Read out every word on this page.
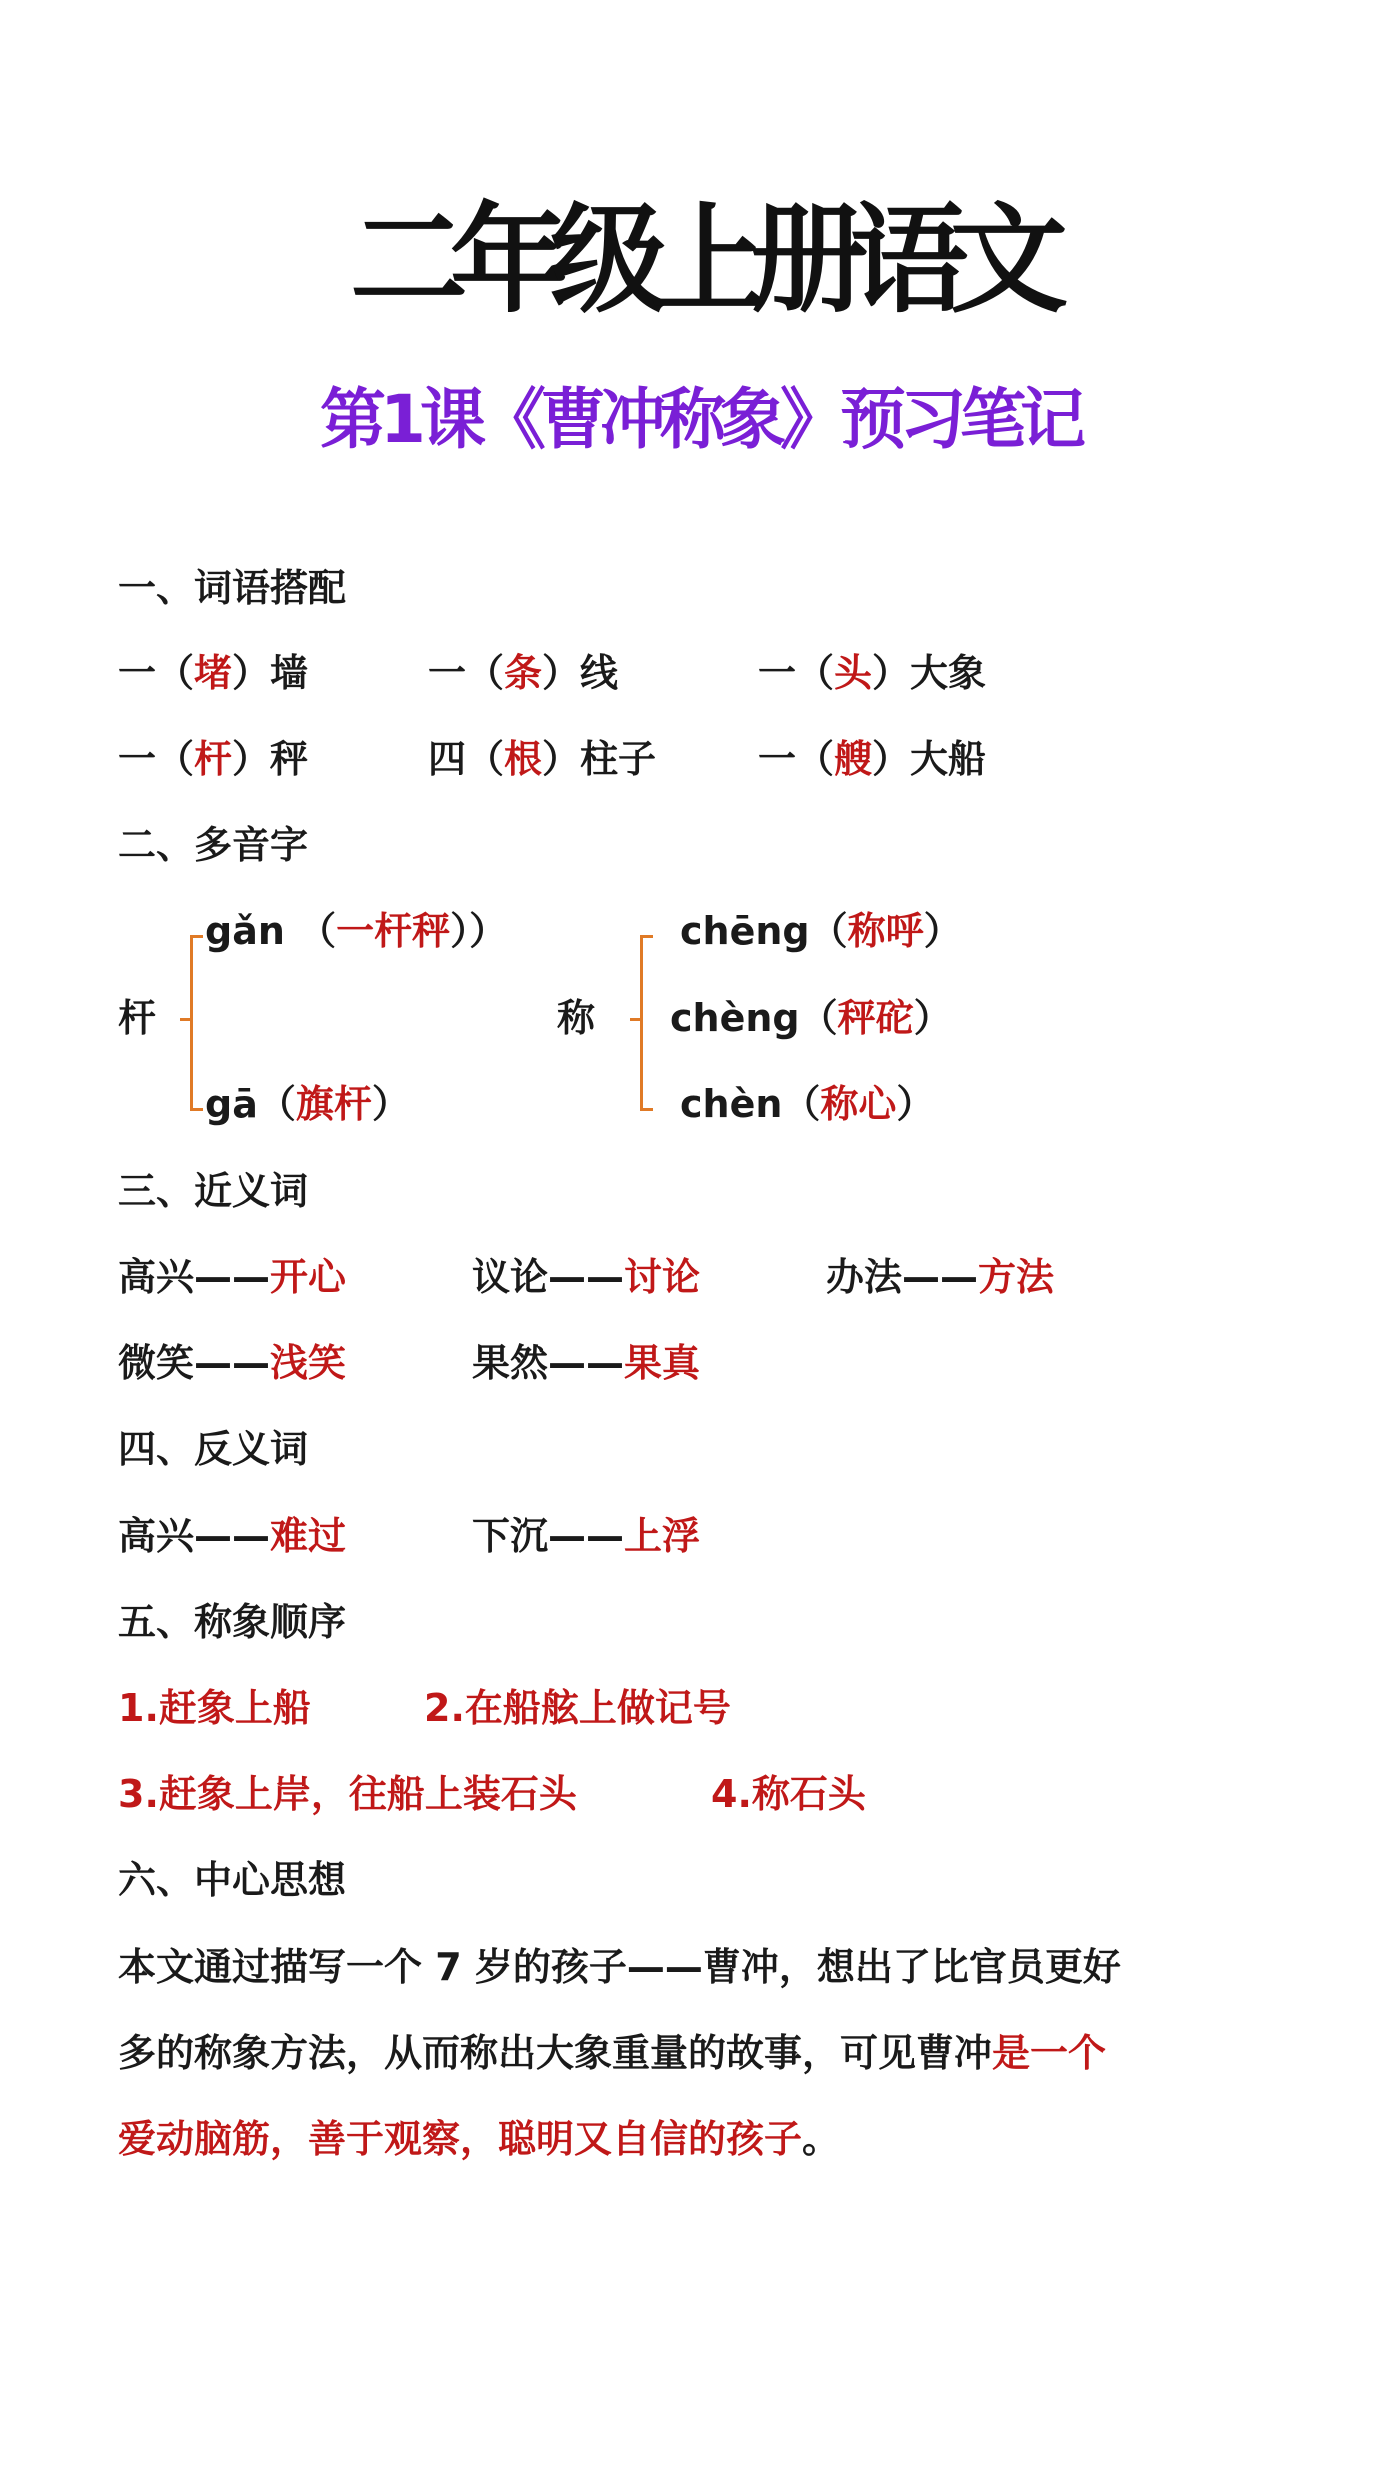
二年级上册语文
第1课《曹冲称象》预习笔记
一、词语搭配
一（堵）墙	一（条）线	一（头）大象
一（杆）秤	四（根）柱子	一（艘）大船
二、多音字
杆
gǎn （一杆秤））
gā（旗杆）
称
chēng（称呼）
chèng（秤砣）
chèn（称心）
三、近义词
高兴——开心	议论——讨论	办法——方法
微笑——浅笑	果然——果真
四、反义词
高兴——难过	下沉——上浮
五、称象顺序
1.赶象上船	2.在船舷上做记号
3.赶象上岸，往船上装石头	4.称石头
六、中心思想
本文通过描写一个 7 岁的孩子——曹冲，想出了比官员更好
多的称象方法，从而称出大象重量的故事，可见曹冲是一个
爱动脑筋，善于观察，聪明又自信的孩子。
